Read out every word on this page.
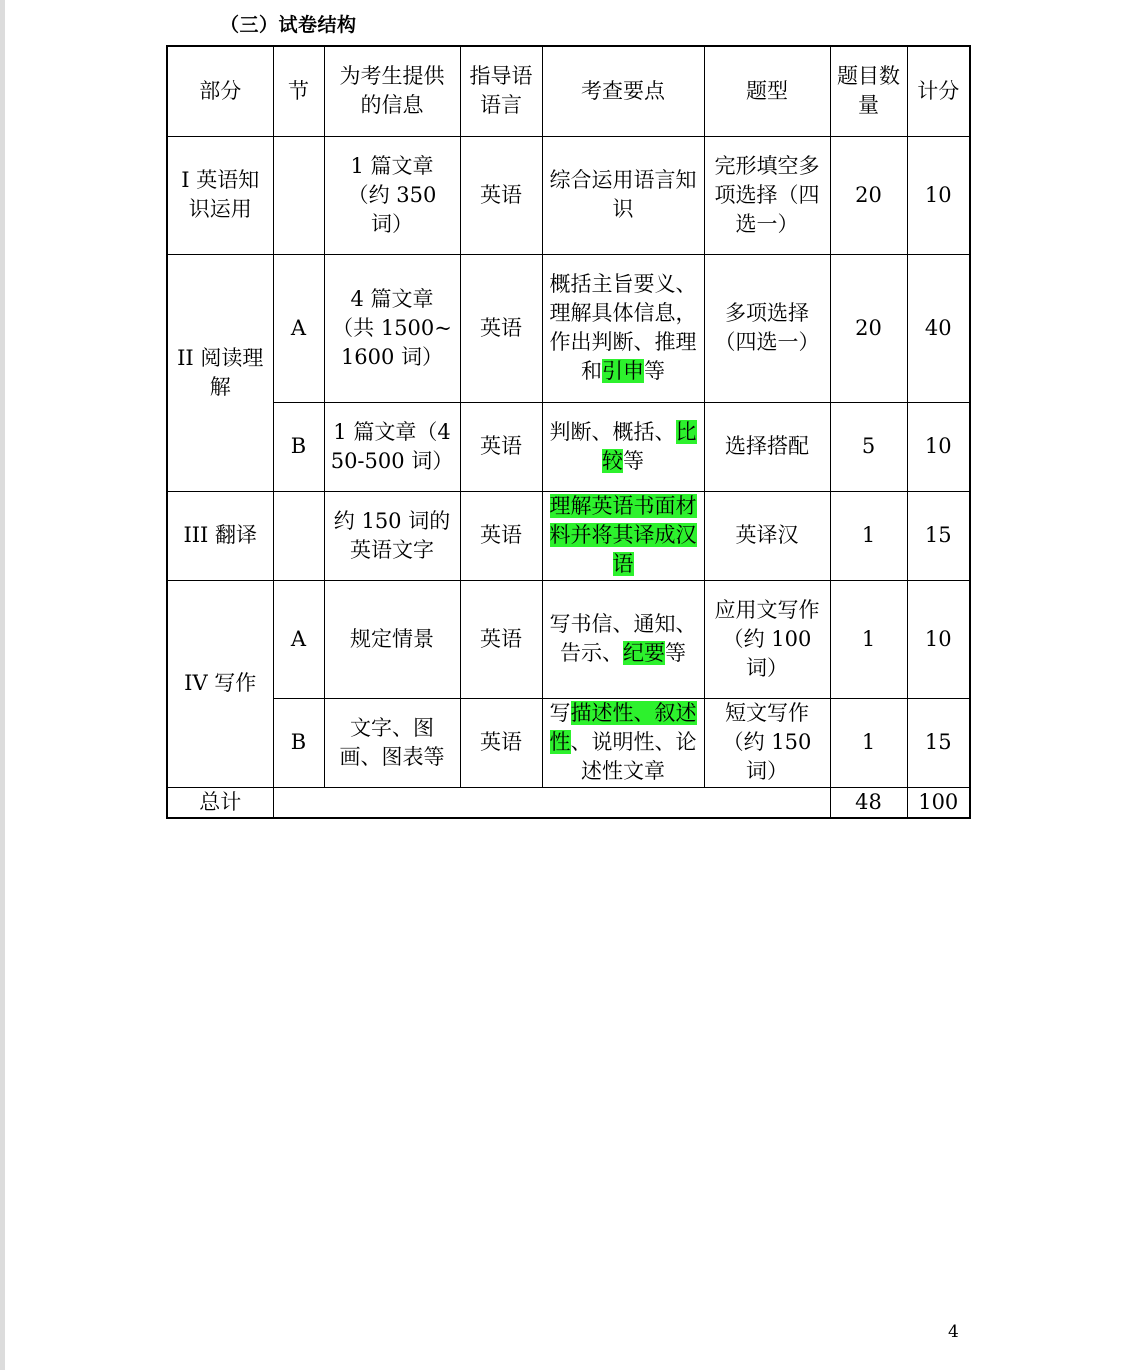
（三）试卷结构
部分	节	为考生提供的信息	指导语语言	考查要点	题型	题目数量	计分
I 英语知识运用		1 篇文章（约 350 词）	英语	综合运用语言知识	完形填空多项选择（四选一）	20	10
II 阅读理解	A	4 篇文章（共 1500~1600 词）	英语	概括主旨要义、理解具体信息，作出判断、推理和引申等	多项选择（四选一）	20	40
	B	1 篇文章（450-500 词）	英语	判断、概括、比较等	选择搭配	5	10
III 翻译		约 150 词的英语文字	英语	理解英语书面材料并将其译成汉语	英译汉	1	15
IV 写作	A	规定情景	英语	写书信、通知、告示、纪要等	应用文写作（约 100 词）	1	10
	B	文字、图画、图表等	英语	写描述性、叙述性、说明性、论述性文章	短文写作（约 150 词）	1	15
总计						48	100
4
